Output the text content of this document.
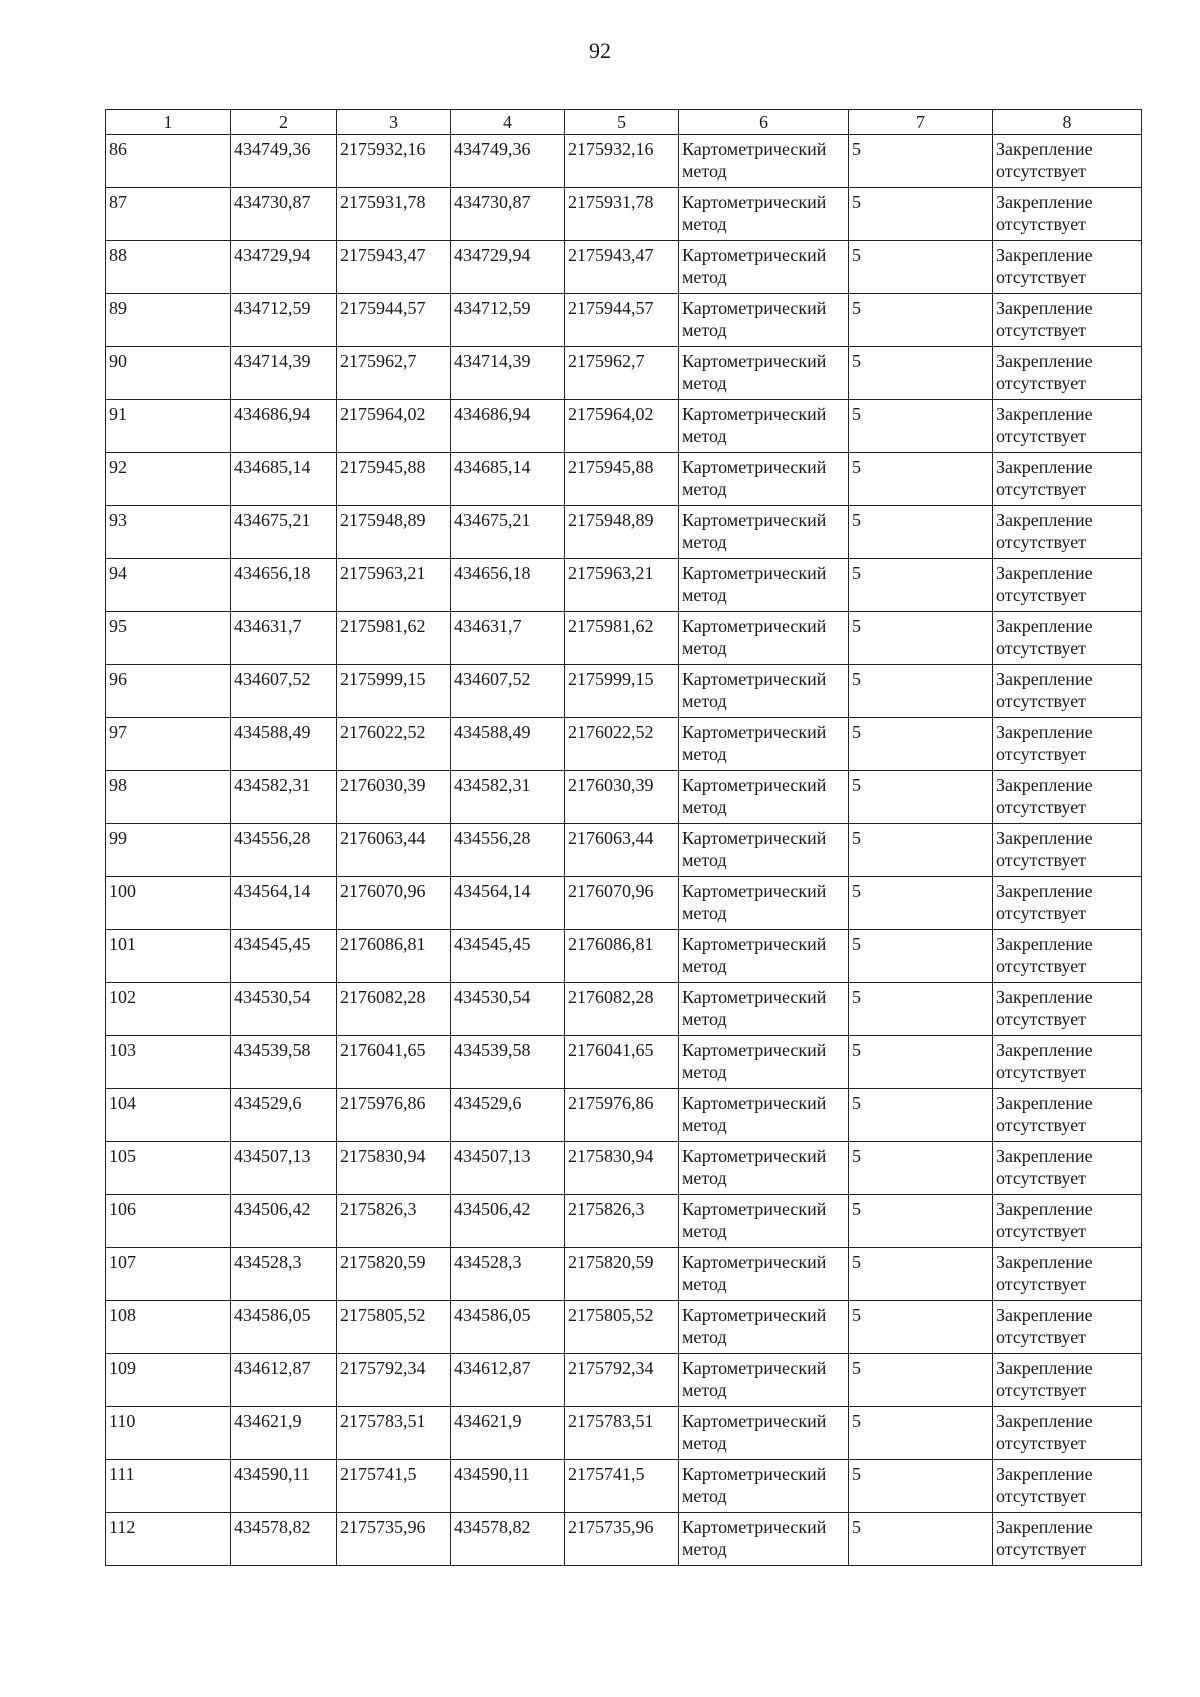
92
1	2	3	4	5	6	7	8
86	434749,36	2175932,16	434749,36	2175932,16	Картометрический метод	5	Закрепление отсутствует
87	434730,87	2175931,78	434730,87	2175931,78	Картометрический метод	5	Закрепление отсутствует
88	434729,94	2175943,47	434729,94	2175943,47	Картометрический метод	5	Закрепление отсутствует
89	434712,59	2175944,57	434712,59	2175944,57	Картометрический метод	5	Закрепление отсутствует
90	434714,39	2175962,7	434714,39	2175962,7	Картометрический метод	5	Закрепление отсутствует
91	434686,94	2175964,02	434686,94	2175964,02	Картометрический метод	5	Закрепление отсутствует
92	434685,14	2175945,88	434685,14	2175945,88	Картометрический метод	5	Закрепление отсутствует
93	434675,21	2175948,89	434675,21	2175948,89	Картометрический метод	5	Закрепление отсутствует
94	434656,18	2175963,21	434656,18	2175963,21	Картометрический метод	5	Закрепление отсутствует
95	434631,7	2175981,62	434631,7	2175981,62	Картометрический метод	5	Закрепление отсутствует
96	434607,52	2175999,15	434607,52	2175999,15	Картометрический метод	5	Закрепление отсутствует
97	434588,49	2176022,52	434588,49	2176022,52	Картометрический метод	5	Закрепление отсутствует
98	434582,31	2176030,39	434582,31	2176030,39	Картометрический метод	5	Закрепление отсутствует
99	434556,28	2176063,44	434556,28	2176063,44	Картометрический метод	5	Закрепление отсутствует
100	434564,14	2176070,96	434564,14	2176070,96	Картометрический метод	5	Закрепление отсутствует
101	434545,45	2176086,81	434545,45	2176086,81	Картометрический метод	5	Закрепление отсутствует
102	434530,54	2176082,28	434530,54	2176082,28	Картометрический метод	5	Закрепление отсутствует
103	434539,58	2176041,65	434539,58	2176041,65	Картометрический метод	5	Закрепление отсутствует
104	434529,6	2175976,86	434529,6	2175976,86	Картометрический метод	5	Закрепление отсутствует
105	434507,13	2175830,94	434507,13	2175830,94	Картометрический метод	5	Закрепление отсутствует
106	434506,42	2175826,3	434506,42	2175826,3	Картометрический метод	5	Закрепление отсутствует
107	434528,3	2175820,59	434528,3	2175820,59	Картометрический метод	5	Закрепление отсутствует
108	434586,05	2175805,52	434586,05	2175805,52	Картометрический метод	5	Закрепление отсутствует
109	434612,87	2175792,34	434612,87	2175792,34	Картометрический метод	5	Закрепление отсутствует
110	434621,9	2175783,51	434621,9	2175783,51	Картометрический метод	5	Закрепление отсутствует
111	434590,11	2175741,5	434590,11	2175741,5	Картометрический метод	5	Закрепление отсутствует
112	434578,82	2175735,96	434578,82	2175735,96	Картометрический метод	5	Закрепление отсутствует
